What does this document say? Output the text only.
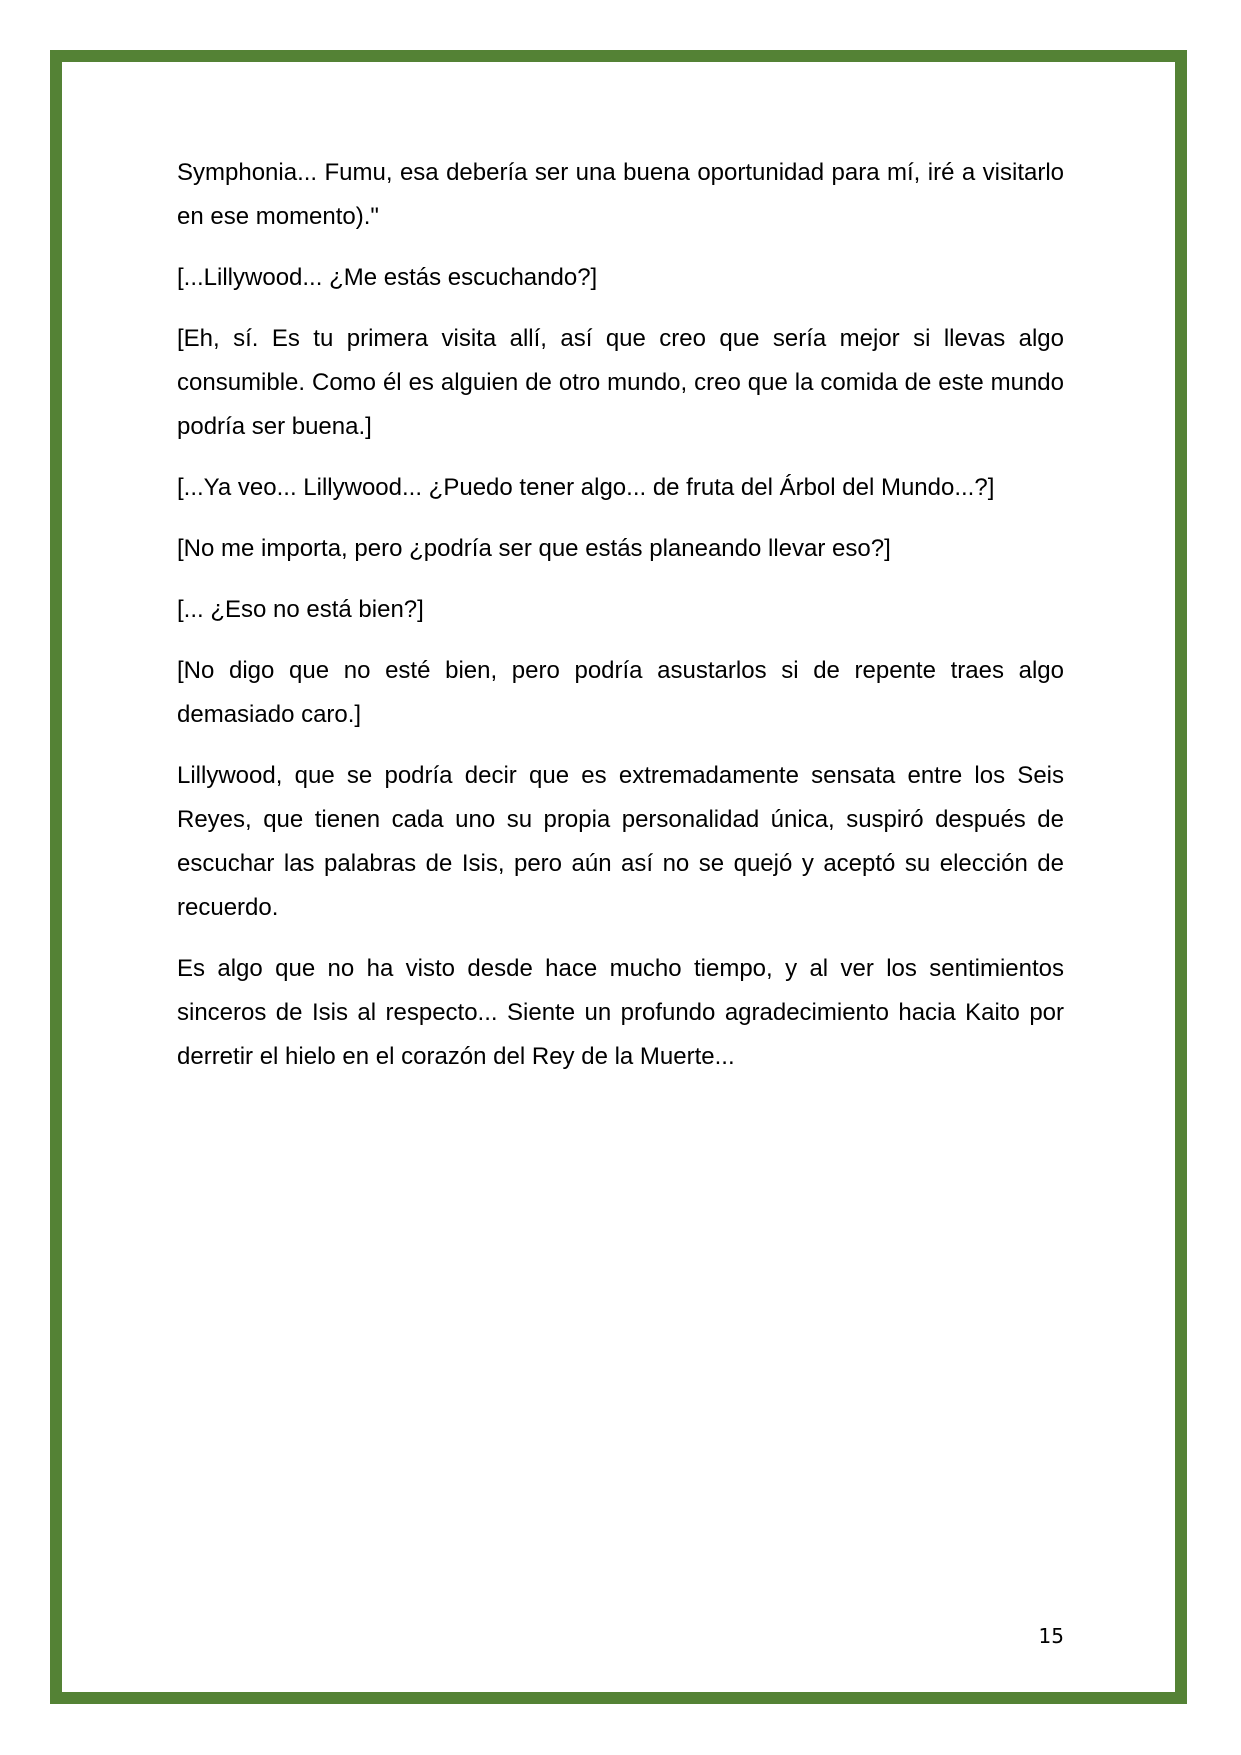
Symphonia... Fumu, esa debería ser una buena oportunidad para mí, iré a visitarlo en ese momento)."

[...Lillywood... ¿Me estás escuchando?]

[Eh, sí. Es tu primera visita allí, así que creo que sería mejor si llevas algo consumible. Como él es alguien de otro mundo, creo que la comida de este mundo podría ser buena.]

[...Ya veo... Lillywood... ¿Puedo tener algo... de fruta del Árbol del Mundo...?]

[No me importa, pero ¿podría ser que estás planeando llevar eso?]

[... ¿Eso no está bien?]

[No digo que no esté bien, pero podría asustarlos si de repente traes algo demasiado caro.]

Lillywood, que se podría decir que es extremadamente sensata entre los Seis Reyes, que tienen cada uno su propia personalidad única, suspiró después de escuchar las palabras de Isis, pero aún así no se quejó y aceptó su elección de recuerdo.

Es algo que no ha visto desde hace mucho tiempo, y al ver los sentimientos sinceros de Isis al respecto... Siente un profundo agradecimiento hacia Kaito por derretir el hielo en el corazón del Rey de la Muerte...

15
